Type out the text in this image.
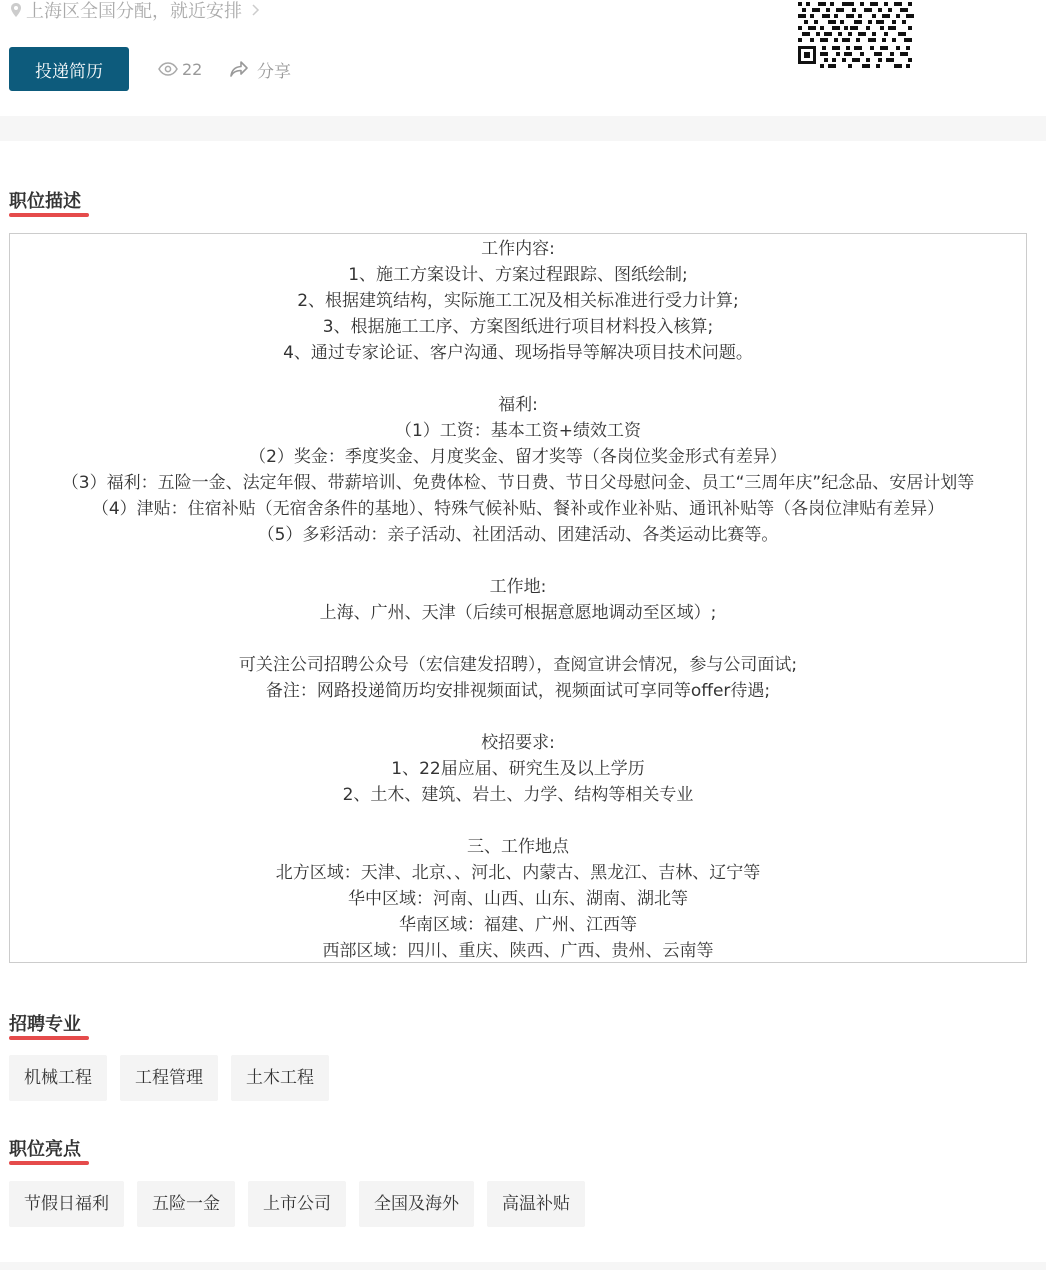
上海区全国分配，就近安排
投递简历	22	分享
职位描述
工作内容:
1、施工方案设计、方案过程跟踪、图纸绘制;
2、根据建筑结构，实际施工工况及相关标准进行受力计算;
3、根据施工工序、方案图纸进行项目材料投入核算;
4、通过专家论证、客户沟通、现场指导等解决项目技术问题。
福利:
（1）工资：基本工资+绩效工资
（2）奖金：季度奖金、月度奖金、留才奖等（各岗位奖金形式有差异）
（3）福利：五险一金、法定年假、带薪培训、免费体检、节日费、节日父母慰问金、员工“三周年庆”纪念品、安居计划等
（4）津贴：住宿补贴（无宿舍条件的基地）、特殊气候补贴、餐补或作业补贴、通讯补贴等（各岗位津贴有差异）
（5）多彩活动：亲子活动、社团活动、团建活动、各类运动比赛等。
工作地:
上海、广州、天津（后续可根据意愿地调动至区域）;
可关注公司招聘公众号（宏信建发招聘），查阅宣讲会情况，参与公司面试;
备注：网路投递简历均安排视频面试，视频面试可享同等offer待遇;
校招要求:
1、22届应届、研究生及以上学历
2、土木、建筑、岩土、力学、结构等相关专业
三、工作地点
北方区域：天津、北京、、河北、内蒙古、黑龙江、吉林、辽宁等
华中区域：河南、山西、山东、湖南、湖北等
华南区域：福建、广州、江西等
西部区域：四川、重庆、陕西、广西、贵州、云南等
招聘专业
机械工程	工程管理	土木工程
职位亮点
节假日福利	五险一金	上市公司	全国及海外	高温补贴
